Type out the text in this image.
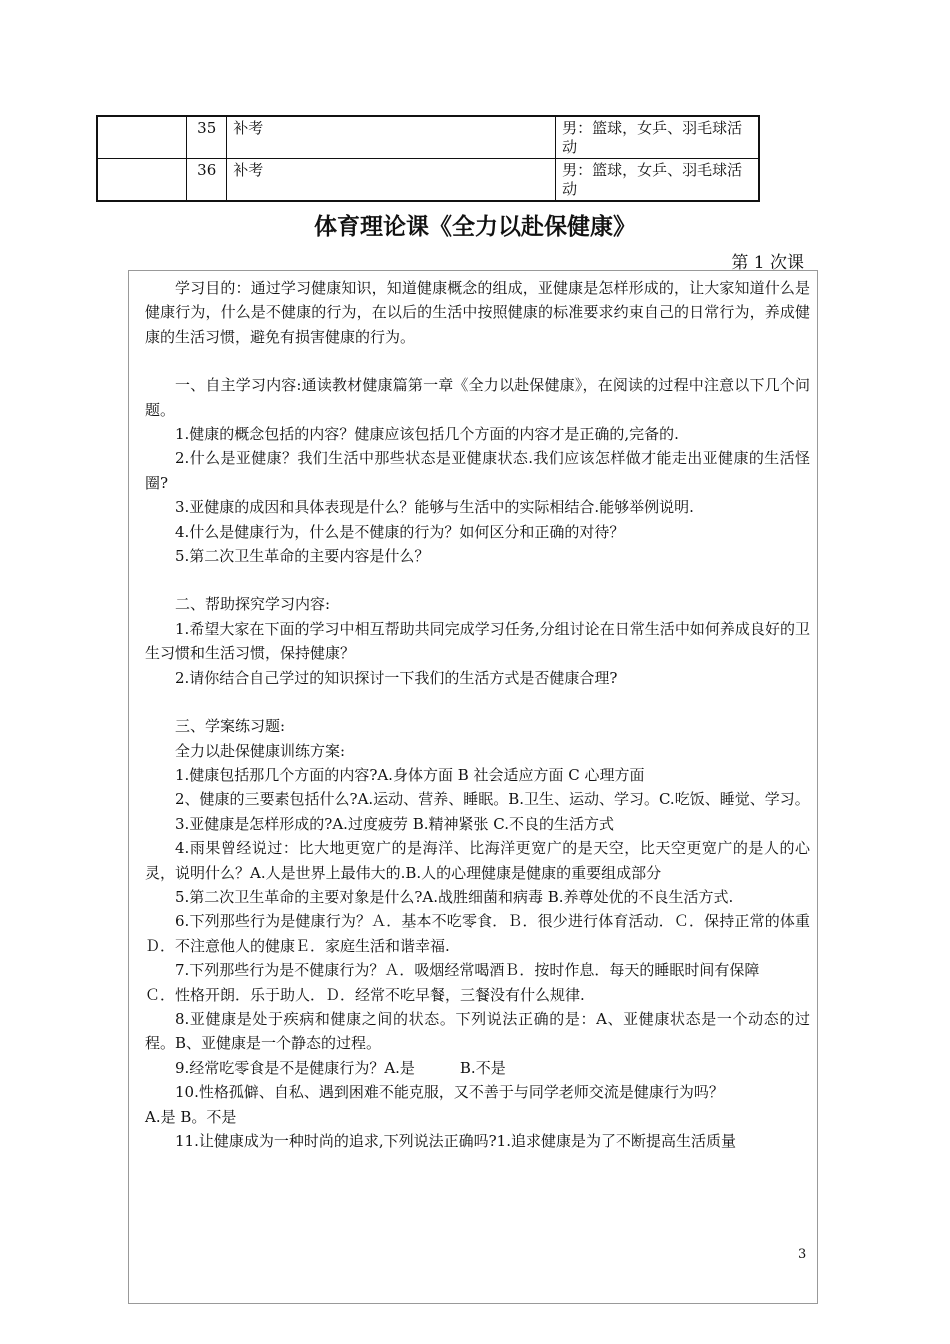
	35	补考	男：篮球，女乒、羽毛球活动
	36	补考	男：篮球，女乒、羽毛球活动
体育理论课《全力以赴保健康》
第 1 次课

学习目的：通过学习健康知识，知道健康概念的组成，亚健康是怎样形成的，让大家知道什么是健康行为，什么是不健康的行为，在以后的生活中按照健康的标准要求约束自己的日常行为，养成健康的生活习惯，避免有损害健康的行为。

一、自主学习内容:通读教材健康篇第一章《全力以赴保健康》，在阅读的过程中注意以下几个问题。

1.健康的概念包括的内容？健康应该包括几个方面的内容才是正确的,完备的.

2.什么是亚健康？我们生活中那些状态是亚健康状态.我们应该怎样做才能走出亚健康的生活怪圈?

3.亚健康的成因和具体表现是什么？能够与生活中的实际相结合.能够举例说明.

4.什么是健康行为，什么是不健康的行为？如何区分和正确的对待？

5.第二次卫生革命的主要内容是什么？

二、帮助探究学习内容:

1.希望大家在下面的学习中相互帮助共同完成学习任务,分组讨论在日常生活中如何养成良好的卫生习惯和生活习惯，保持健康？

2.请你结合自己学过的知识探讨一下我们的生活方式是否健康合理?

三、学案练习题:

全力以赴保健康训练方案:

1.健康包括那几个方面的内容?A.身体方面 B 社会适应方面 C 心理方面

2、健康的三要素包括什么?A.运动、营养、睡眠。B.卫生、运动、学习。C.吃饭、睡觉、学习。

3.亚健康是怎样形成的?A.过度疲劳 B.精神紧张 C.不良的生活方式

4.雨果曾经说过：比大地更宽广的是海洋、比海洋更宽广的是天空，比天空更宽广的是人的心灵，说明什么？A.人是世界上最伟大的.B.人的心理健康是健康的重要组成部分

5.第二次卫生革命的主要对象是什么?A.战胜细菌和病毒 B.养尊处优的不良生活方式.

6.下列那些行为是健康行为？Ａ．基本不吃零食．Ｂ．很少进行体育活动．Ｃ．保持正常的体重Ｄ．不注意他人的健康Ｅ．家庭生活和谐幸福.

7.下列那些行为是不健康行为？Ａ．吸烟经常喝酒Ｂ．按时作息．每天的睡眠时间有保障

Ｃ．性格开朗．乐于助人．Ｄ．经常不吃早餐，三餐没有什么规律.

8.亚健康是处于疾病和健康之间的状态。下列说法正确的是：A、亚健康状态是一个动态的过程。B、亚健康是一个静态的过程。

9.经常吃零食是不是健康行为？A.是　　　B.不是

10.性格孤僻、自私、遇到困难不能克服，又不善于与同学老师交流是健康行为吗？

A.是 B。不是

11.让健康成为一种时尚的追求,下列说法正确吗?1.追求健康是为了不断提高生活质量

3
